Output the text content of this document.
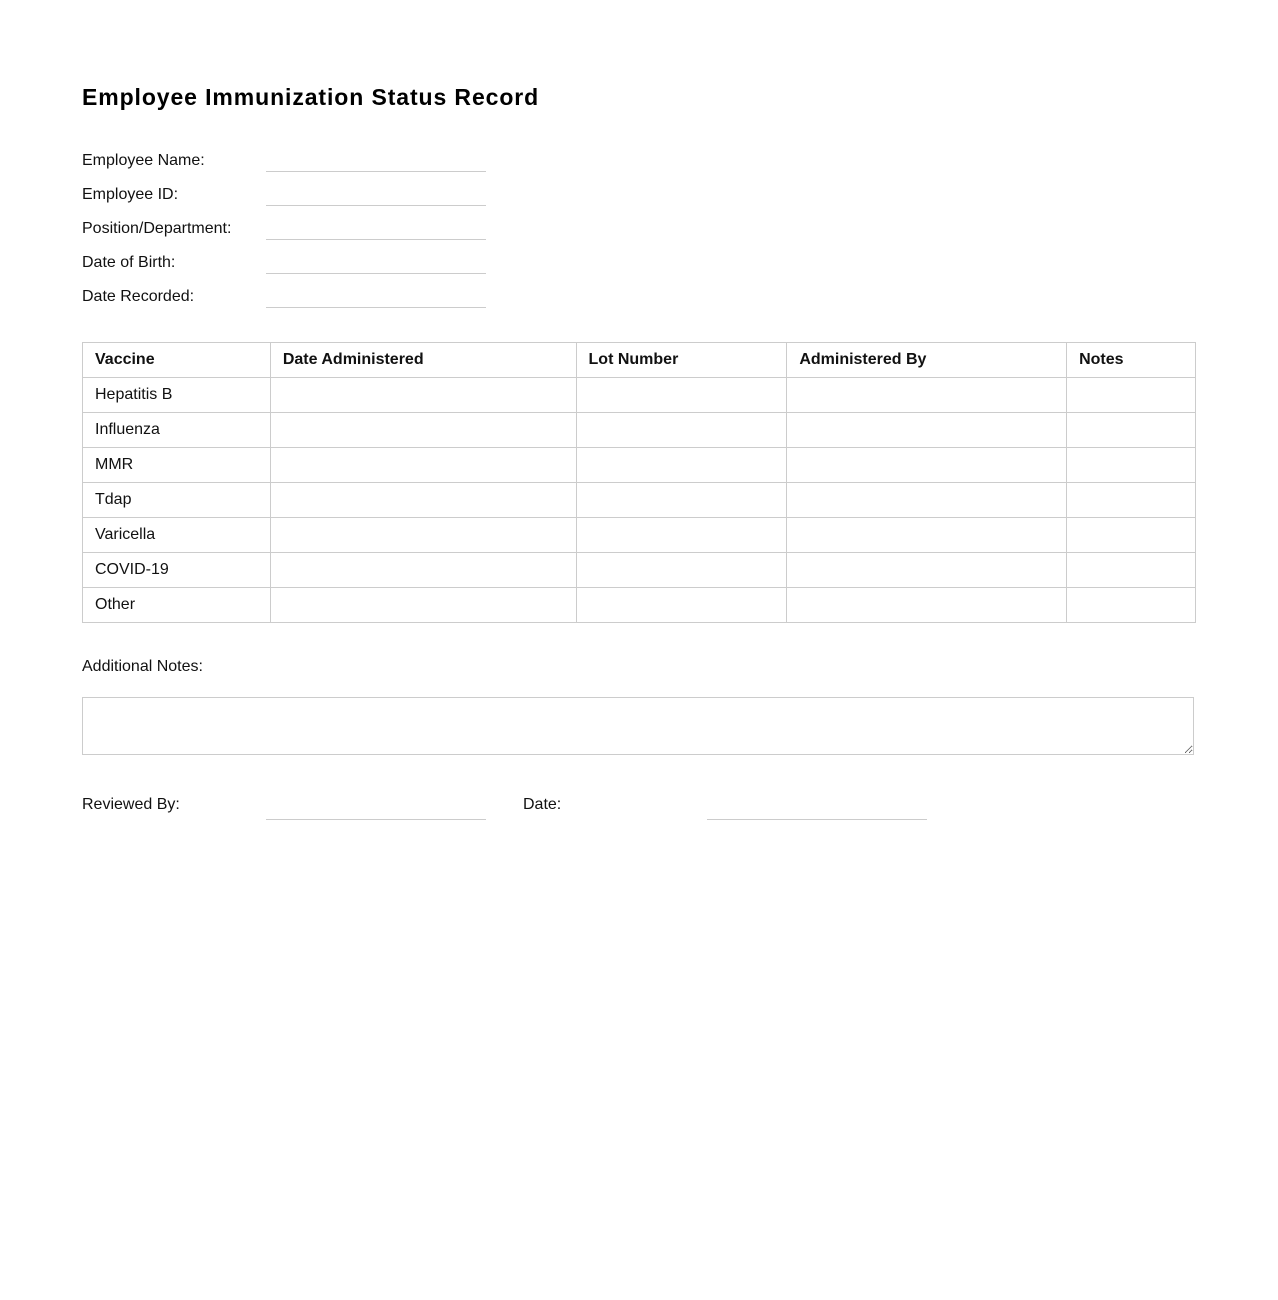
Employee Immunization Status Record
Employee Name:
Employee ID:
Position/Department:
Date of Birth:
Date Recorded:
Vaccine	Date Administered	Lot Number	Administered By	Notes
Hepatitis B				
Influenza				
MMR				
Tdap				
Varicella				
COVID-19				
Other				
Additional Notes:
Reviewed By:	Date:
